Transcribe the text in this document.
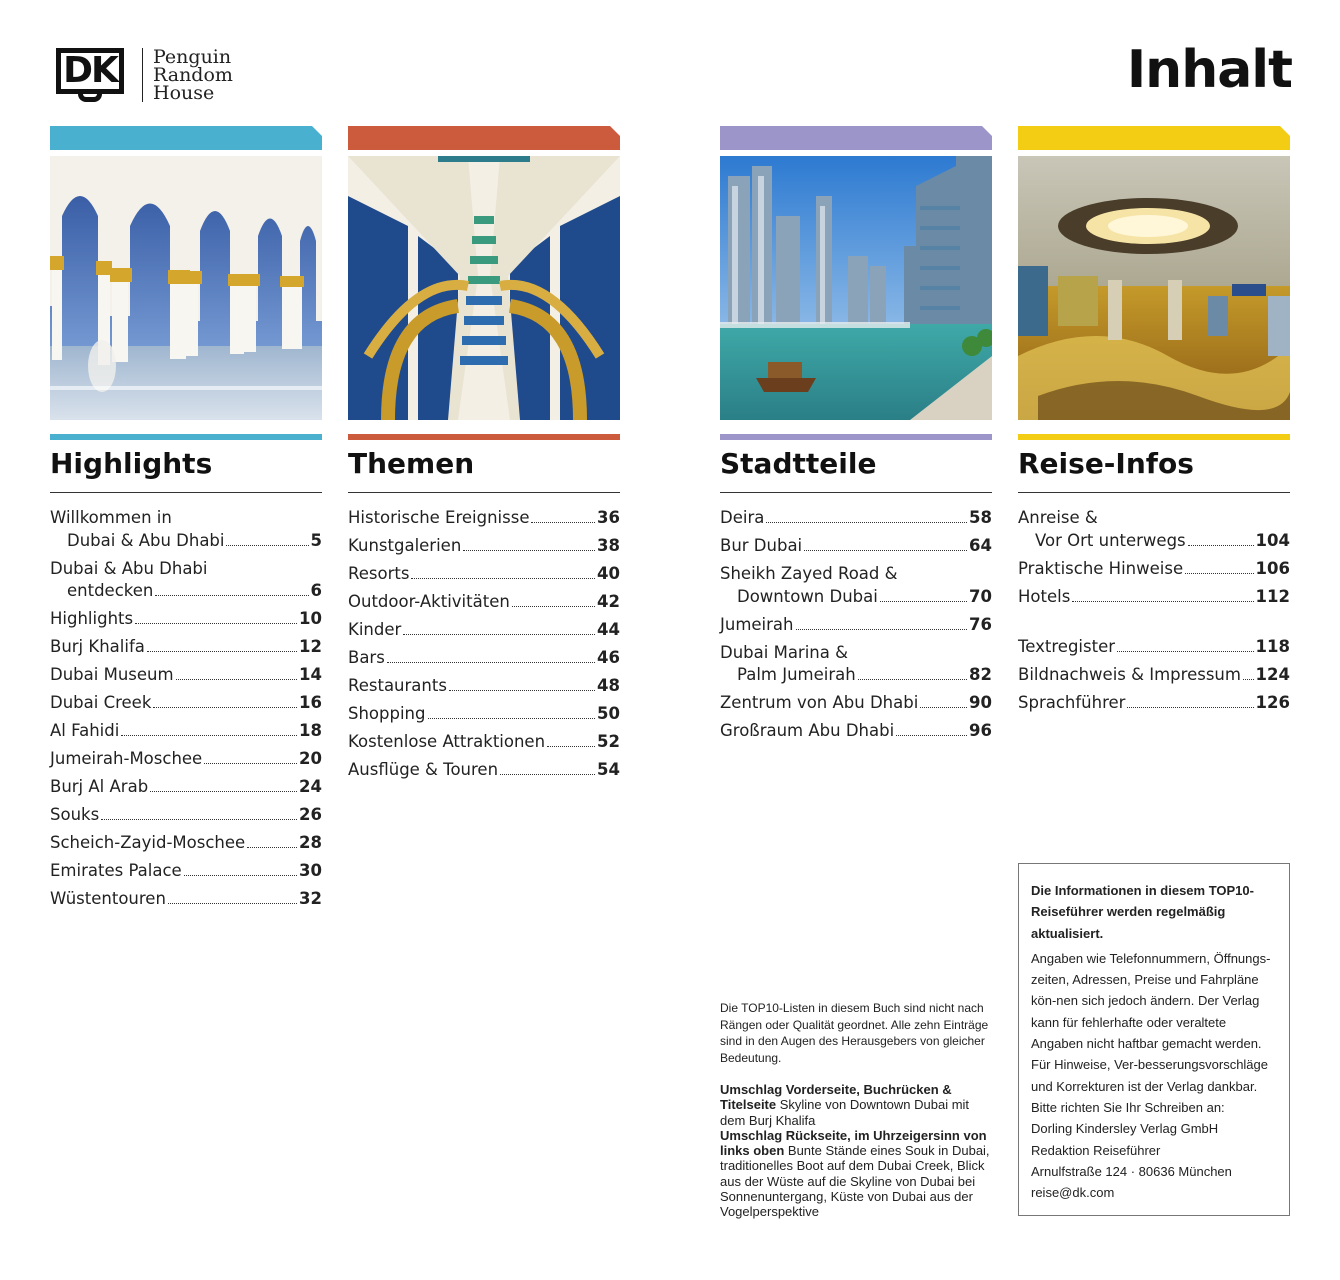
DK	Penguin
Random
House	Inhalt
Highlights
Willkommen in
Dubai & Abu Dhabi	5
Dubai & Abu Dhabi
entdecken	6
Highlights	10
Burj Khalifa	12
Dubai Museum	14
Dubai Creek	16
Al Fahidi	18
Jumeirah-Moschee	20
Burj Al Arab	24
Souks	26
Scheich-Zayid-Moschee	28
Emirates Palace	30
Wüstentouren	32
Themen
Historische Ereignisse	36
Kunstgalerien	38
Resorts	40
Outdoor-Aktivitäten	42
Kinder	44
Bars	46
Restaurants	48
Shopping	50
Kostenlose Attraktionen	52
Ausflüge & Touren	54
Stadtteile
Deira	58
Bur Dubai	64
Sheikh Zayed Road &
Downtown Dubai	70
Jumeirah	76
Dubai Marina &
Palm Jumeirah	82
Zentrum von Abu Dhabi	90
Großraum Abu Dhabi	96
Reise-Infos
Anreise &
Vor Ort unterwegs	104
Praktische Hinweise	106
Hotels	112
Textregister	118
Bildnachweis & Impressum 124
Sprachführer	126
Die TOP10-Listen in diesem Buch sind nicht nach Rängen oder Qualität geordnet. Alle zehn Einträge sind in den Augen des Herausgebers von gleicher Bedeutung.
Umschlag Vorderseite, Buchrücken & Titelseite Skyline von Downtown Dubai mit dem Burj Khalifa
Umschlag Rückseite, im Uhrzeigersinn von links oben Bunte Stände eines Souk in Dubai, traditionelles Boot auf dem Dubai Creek, Blick aus der Wüste auf die Skyline von Dubai bei Sonnenuntergang, Küste von Dubai aus der Vogelperspektive
Die Informationen in diesem TOP10-Reiseführer werden regelmäßig aktualisiert.
Angaben wie Telefonnummern, Öffnungs-zeiten, Adressen, Preise und Fahrpläne kön-nen sich jedoch ändern. Der Verlag kann für fehlerhafte oder veraltete Angaben nicht haftbar gemacht werden. Für Hinweise, Ver-besserungsvorschläge und Korrekturen ist der Verlag dankbar. Bitte richten Sie Ihr Schreiben an:
Dorling Kindersley Verlag GmbH
Redaktion Reiseführer
Arnulfstraße 124 · 80636 München
reise@dk.com
